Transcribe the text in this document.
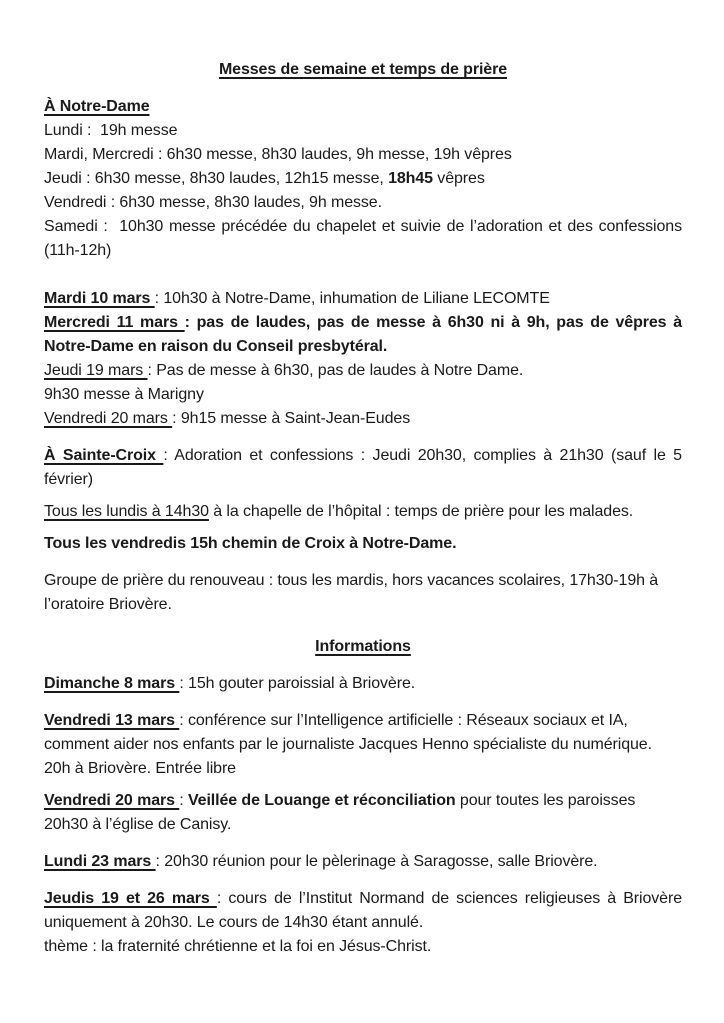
Messes de semaine et temps de prière

À Notre-Dame

Lundi :  19h messe

Mardi, Mercredi : 6h30 messe, 8h30 laudes, 9h messe, 19h vêpres

Jeudi : 6h30 messe, 8h30 laudes, 12h15 messe, 18h45 vêpres

Vendredi : 6h30 messe, 8h30 laudes, 9h messe.

Samedi :  10h30 messe précédée du chapelet et suivie de l’adoration et des confessions (11h-12h)

Mardi 10 mars : 10h30 à Notre-Dame, inhumation de Liliane LECOMTE

Mercredi 11 mars : pas de laudes, pas de messe à 6h30 ni à 9h, pas de vêpres à Notre-Dame en raison du Conseil presbytéral.

Jeudi 19 mars : Pas de messe à 6h30, pas de laudes à Notre Dame.

9h30 messe à Marigny

Vendredi 20 mars : 9h15 messe à Saint-Jean-Eudes

À Sainte-Croix : Adoration et confessions : Jeudi 20h30, complies à 21h30 (sauf le 5 février)

Tous les lundis à 14h30 à la chapelle de l’hôpital : temps de prière pour les malades.

Tous les vendredis 15h chemin de Croix à Notre-Dame.

Groupe de prière du renouveau : tous les mardis, hors vacances scolaires, 17h30-19h à l’oratoire Briovère.

Informations

Dimanche 8 mars : 15h gouter paroissial à Briovère.

Vendredi 13 mars : conférence sur l’Intelligence artificielle : Réseaux sociaux et IA, comment aider nos enfants par le journaliste Jacques Henno spécialiste du numérique. 20h à Briovère. Entrée libre

Vendredi 20 mars : Veillée de Louange et réconciliation pour toutes les paroisses 20h30 à l’église de Canisy.

Lundi 23 mars : 20h30 réunion pour le pèlerinage à Saragosse, salle Briovère.

Jeudis 19 et 26 mars : cours de l’Institut Normand de sciences religieuses à Briovère uniquement à 20h30. Le cours de 14h30 étant annulé.

thème : la fraternité chrétienne et la foi en Jésus-Christ.
